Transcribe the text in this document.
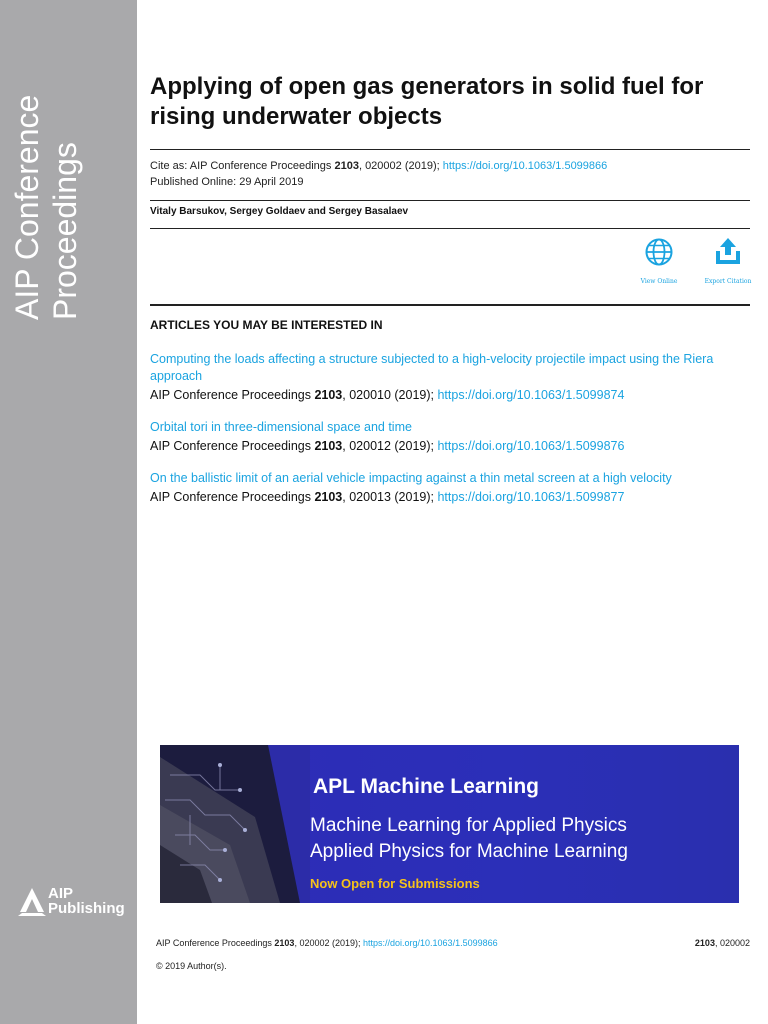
AIP Conference Proceedings
AIP
Publishing
Applying of open gas generators in solid fuel for rising underwater objects
Cite as: AIP Conference Proceedings 2103, 020002 (2019); https://doi.org/10.1063/1.5099866
Published Online: 29 April 2019
Vitaly Barsukov, Sergey Goldaev and Sergey Basalaev
View Online	Export Citation
ARTICLES YOU MAY BE INTERESTED IN
Computing the loads affecting a structure subjected to a high-velocity projectile impact using the Riera approach
AIP Conference Proceedings 2103, 020010 (2019); https://doi.org/10.1063/1.5099874
Orbital tori in three-dimensional space and time
AIP Conference Proceedings 2103, 020012 (2019); https://doi.org/10.1063/1.5099876
On the ballistic limit of an aerial vehicle impacting against a thin metal screen at a high velocity
AIP Conference Proceedings 2103, 020013 (2019); https://doi.org/10.1063/1.5099877
APL Machine Learning
Machine Learning for Applied Physics
Applied Physics for Machine Learning
Now Open for Submissions
AIP Conference Proceedings 2103, 020002 (2019); https://doi.org/10.1063/1.5099866	2103, 020002
© 2019 Author(s).
